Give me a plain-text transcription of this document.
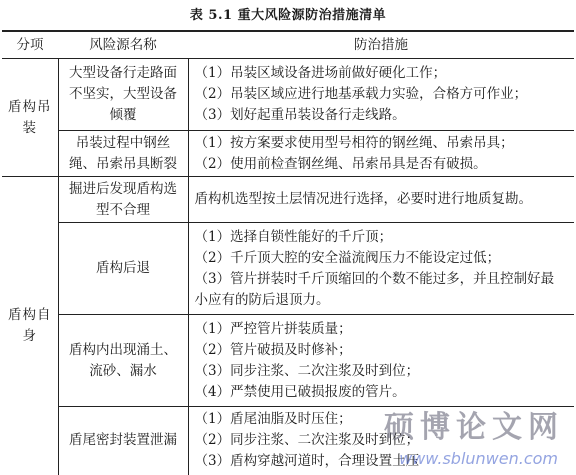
表 5.1 重大风险源防治措施清单
分项	风险源名称	防治措施
盾构吊装	大型设备行走路面不坚实，大型设备倾覆	（1）吊装区域设备进场前做好硬化工作；
（2）吊装区域应进行地基承载力实验，合格方可作业；
（3）划好起重吊装设备行走线路。

	吊装过程中钢丝绳、吊索吊具断裂	（1）按方案要求使用型号相符的钢丝绳、吊索吊具；
（2）使用前检查钢丝绳、吊索吊具是否有破损。

盾构自身	掘进后发现盾构选型不合理	盾构机选型按土层情况进行选择，必要时进行地质复勘。

	盾构后退	（1）选择自锁性能好的千斤顶；
（2）千斤顶大腔的安全溢流阀压力不能设定过低；
（3）管片拼装时千斤顶缩回的个数不能过多，并且控制好最
小应有的防后退顶力。

	盾构内出现涌土、流砂、漏水	（1）严控管片拼装质量；
（2）管片破损及时修补；
（3）同步注浆、二次注浆及时到位；
（4）严禁使用已破损报废的管片。

	盾尾密封装置泄漏	（1）盾尾油脂及时压住；
（2）同步注浆、二次注浆及时到位；
（3）盾构穿越河道时，合理设置土压
硕博论文网
www.sblunwen.com
